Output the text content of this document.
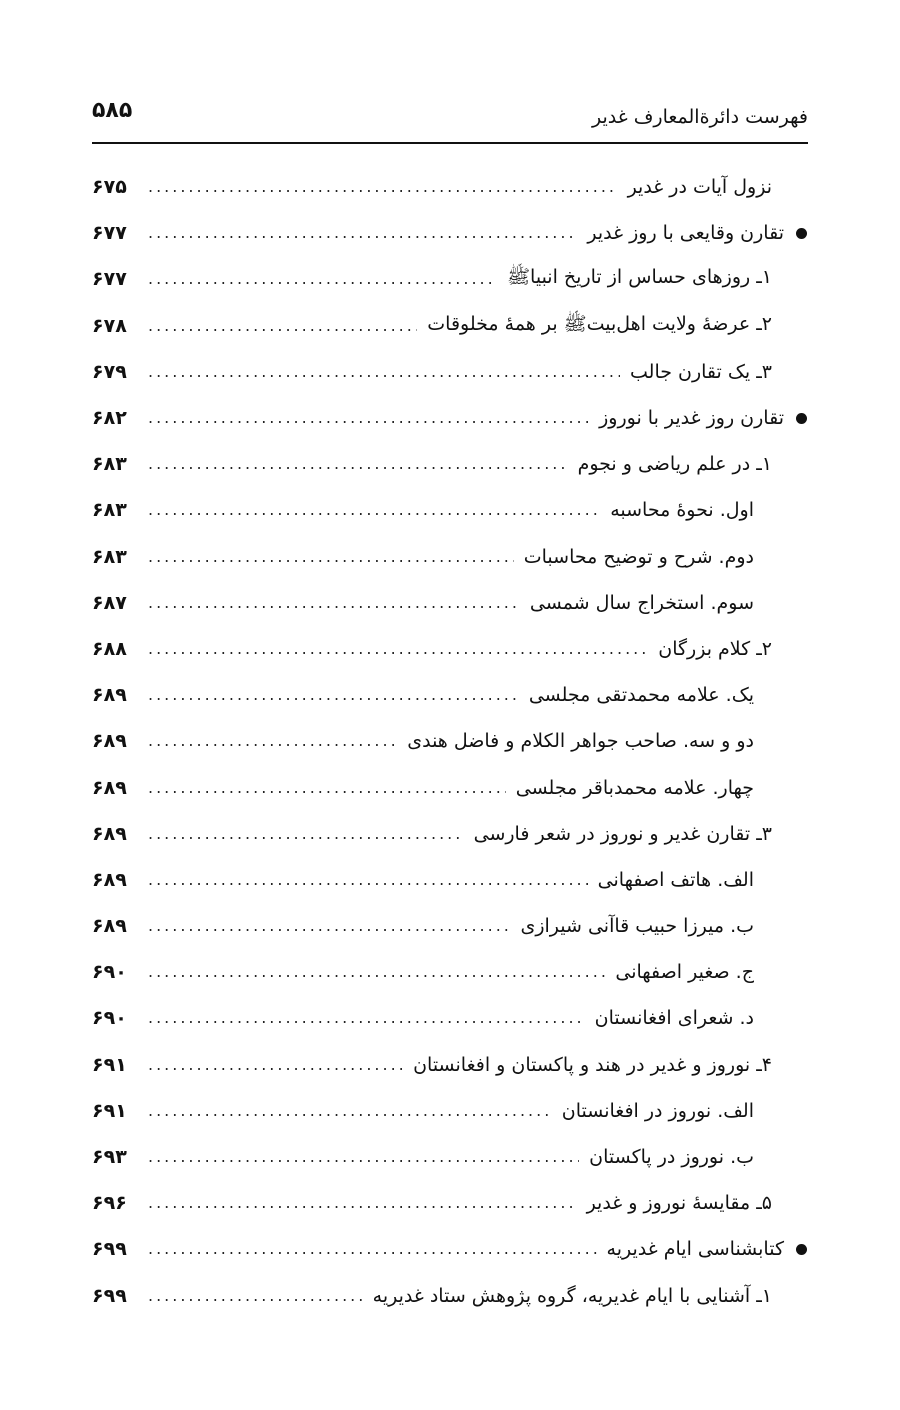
فهرست دائرةالمعارف غدیر
۵۸۵
نزول آیات در غدیر
.....
۶۷۵
تقارن وقایعی با روز غدیر
.....
۶۷۷
۱ـ روزهای حساس از تاریخ انبیاﷺ
.....
۶۷۷
۲ـ عرضۀ ولایت اهل‌بیتﷺ بر همۀ مخلوقات
.....
۶۷۸
۳ـ یک تقارن جالب
.....
۶۷۹
تقارن روز غدیر با نوروز
.....
۶۸۲
۱ـ در علم ریاضی و نجوم
.....
۶۸۳
اول. نحوۀ محاسبه
.....
۶۸۳
دوم. شرح و توضیح محاسبات
.....
۶۸۳
سوم. استخراج سال شمسی
.....
۶۸۷
۲ـ کلام بزرگان
.....
۶۸۸
یک. علامه محمدتقی مجلسی
.....
۶۸۹
دو و سه. صاحب جواهر الکلام و فاضل هندی
.....
۶۸۹
چهار. علامه محمدباقر مجلسی
.....
۶۸۹
۳ـ تقارن غدیر و نوروز در شعر فارسی
.....
۶۸۹
الف. هاتف اصفهانی
.....
۶۸۹
ب. میرزا حبیب قاآنی شیرازی
.....
۶۸۹
ج. صغیر اصفهانی
.....
۶۹۰
د. شعرای افغانستان
.....
۶۹۰
۴ـ نوروز و غدیر در هند و پاکستان و افغانستان
.....
۶۹۱
الف. نوروز در افغانستان
.....
۶۹۱
ب. نوروز در پاکستان
.....
۶۹۳
۵ـ مقایسۀ نوروز و غدیر
.....
۶۹۶
کتابشناسی ایام غدیریه
.....
۶۹۹
۱ـ آشنایی با ایام غدیریه، گروه پژوهش ستاد غدیریه
.....
۶۹۹
